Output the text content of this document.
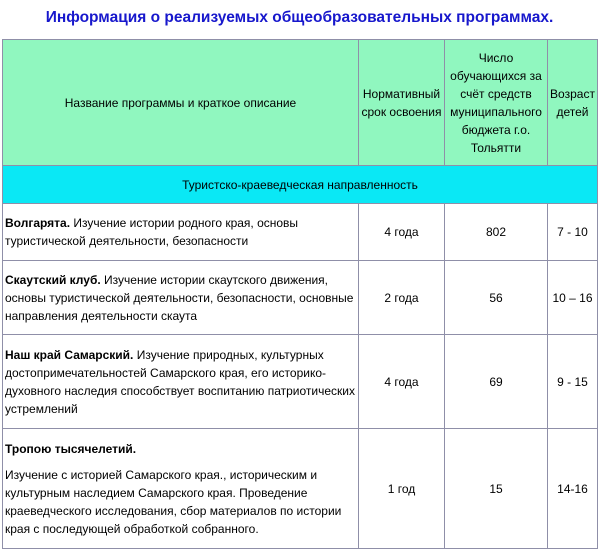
Информация о реализуемых общеобразовательных программах.
Название программы и краткое описание	Нормативный срок освоения	Число обучающихся за счёт средств муниципального бюджета г.о. Тольятти	Возраст детей
Туристско-краеведческая направленность			
Волгарята. Изучение истории родного края, основы туристической деятельности, безопасности	4 года	802	7 - 10
Скаутский клуб. Изучение истории скаутского движения, основы туристической деятельности, безопасности, основные направления деятельности скаута	2 года	56	10 – 16
Наш край Самарский. Изучение природных, культурных достопримечательностей Самарского края, его историко-духовного наследия способствует воспитанию патриотических устремлений	4 года	69	9 - 15
Тропою тысячелетий.
Изучение с историей Самарского края., историческим и культурным наследием Самарского края. Проведение краеведческого исследования, сбор материалов по истории края с последующей обработкой собранного.	1 год	15	14-16
